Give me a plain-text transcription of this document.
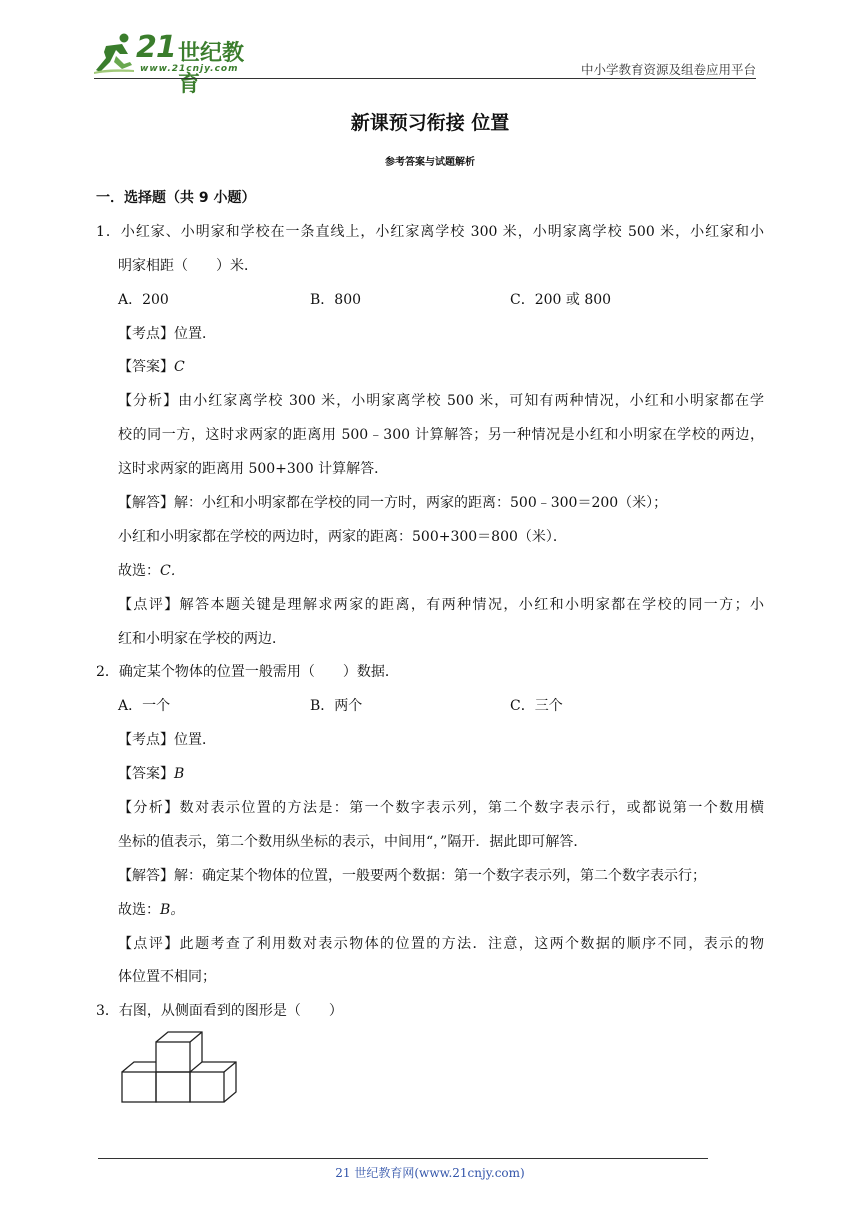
21 世纪教育
www.21cnjy.com	中小学教育资源及组卷应用平台
新课预习衔接 位置
参考答案与试题解析
一．选择题（共 9 小题）
1．小红家、小明家和学校在一条直线上，小红家离学校 300 米，小明家离学校 500 米，小红家和小
明家相距（　　）米．
A．200	B．800	C．200 或 800
【考点】位置．
【答案】C
【分析】由小红家离学校 300 米，小明家离学校 500 米，可知有两种情况，小红和小明家都在学
校的同一方，这时求两家的距离用 500﹣300 计算解答；另一种情况是小红和小明家在学校的两边，
这时求两家的距离用 500+300 计算解答．
【解答】解：小红和小明家都在学校的同一方时，两家的距离：500﹣300＝200（米）；
小红和小明家都在学校的两边时，两家的距离：500+300＝800（米）．
故选：C．
【点评】解答本题关键是理解求两家的距离，有两种情况，小红和小明家都在学校的同一方；小
红和小明家在学校的两边．
2．确定某个物体的位置一般需用（　　）数据．
A．一个	B．两个	C．三个
【考点】位置．
【答案】B
【分析】数对表示位置的方法是：第一个数字表示列，第二个数字表示行，或都说第一个数用横
坐标的值表示，第二个数用纵坐标的表示，中间用“，”隔开．据此即可解答．
【解答】解：确定某个物体的位置，一般要两个数据：第一个数字表示列，第二个数字表示行；
故选：B。
【点评】此题考查了利用数对表示物体的位置的方法．注意，这两个数据的顺序不同，表示的物
体位置不相同；
3．右图，从侧面看到的图形是（　　）
21 世纪教育网(www.21cnjy.com)
